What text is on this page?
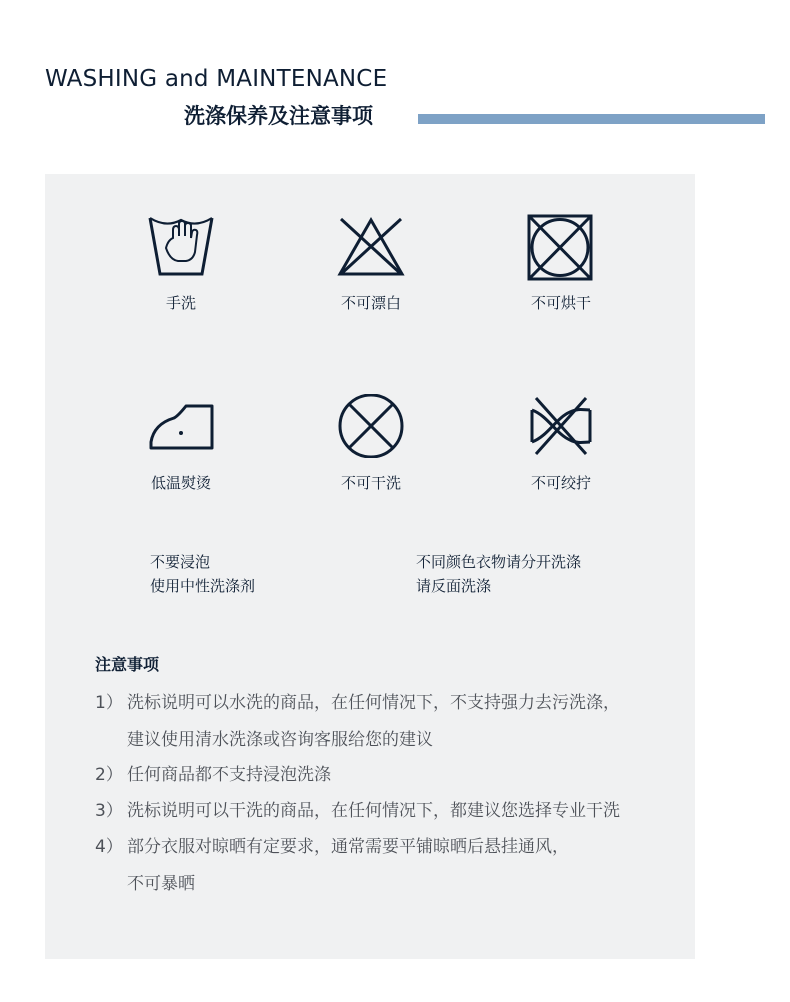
WASHING and MAINTENANCE
洗涤保养及注意事项
手洗	不可漂白	不可烘干
低温熨烫	不可干洗	不可绞拧
不要浸泡
使用中性洗涤剂
不同颜色衣物请分开洗涤
请反面洗涤
注意事项
1） 洗标说明可以水洗的商品，在任何情况下，不支持强力去污洗涤，
建议使用清水洗涤或咨询客服给您的建议
2） 任何商品都不支持浸泡洗涤
3） 洗标说明可以干洗的商品，在任何情况下，都建议您选择专业干洗
4） 部分衣服对晾晒有定要求，通常需要平铺晾晒后悬挂通风，
不可暴晒
